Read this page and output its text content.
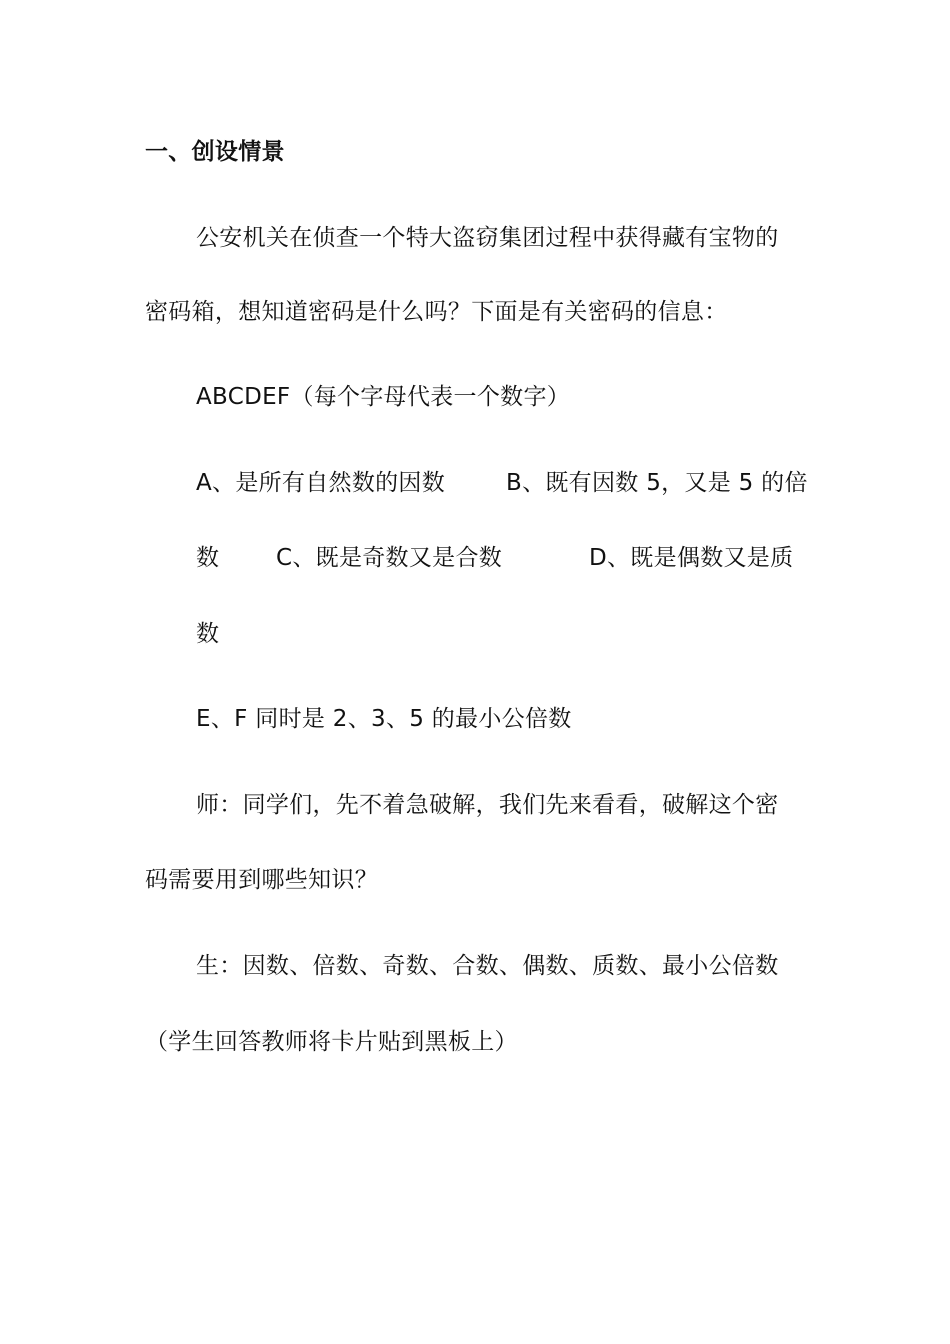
一、创设情景
公安机关在侦查一个特大盗窃集团过程中获得藏有宝物的
密码箱，想知道密码是什么吗？下面是有关密码的信息：
ABCDEF（每个字母代表一个数字）
A、是所有自然数的因数	B、既有因数 5，又是 5 的倍
数 C、既是奇数又是合数	D、既是偶数又是质
数
E、F 同时是 2、3、5 的最小公倍数
师：同学们，先不着急破解，我们先来看看，破解这个密
码需要用到哪些知识？
生：因数、倍数、奇数、合数、偶数、质数、最小公倍数
（学生回答教师将卡片贴到黑板上）
